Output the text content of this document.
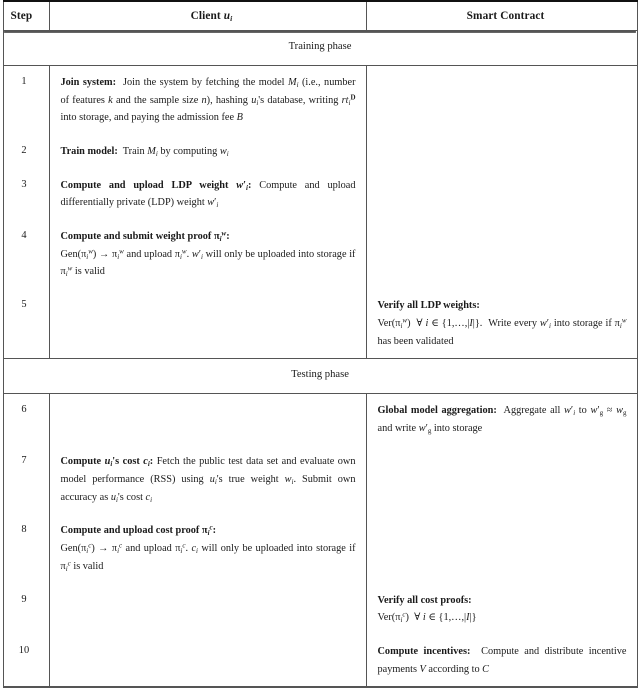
Step	Client $u_i$	Smart Contract
Training phase		
1	Join system:  Join the system by fetching the model $M_i$ (i.e., number of features k and the sample size n), hashing $u_i's$ database, writing $rt_i^D$ into storage, and paying the admission fee B	
2	Train model:  Train $M_i$ by computing $w_i$	
3	Compute and upload LDP weight $w'_i$: Compute and upload differentially private (LDP) weight $w'_i$	
4	Compute and submit weight proof $\pi_i^w$:
$Gen(\pi_i^w) \to \pi_i^w$ and upload $\pi_i^w$. $w'_i$ will only be uploaded into storage if $\pi_i^w$ is valid	
5		Verify all LDP weights:
$Ver(\pi_i^w)$  ∀ i ∈ {1,…,|I|}.  Write every $w'_i$ into storage if $\pi_i^w$ has been validated
Testing phase		
6		Global model aggregation:  Aggregate all $w'_i$ to $w'_g \approx w_g$ and write $w'_g$ into storage
7	Compute $u_i's$ cost $c_i$: Fetch the public test data set and evaluate own model performance (RSS) using $u_i's$ true weight $w_i$. Submit own accuracy as $u_i's$ cost $c_i$	
8	Compute and upload cost proof $\pi_i^c$:
$Gen(\pi_i^c) \to \pi_i^c$ and upload $\pi_i^c$. $c_i$ will only be uploaded into storage if $\pi_i^c$ is valid	
9		Verify all cost proofs:
$Ver(\pi_i^c)$  ∀ i ∈ {1,…,|I|}
10		Compute incentives:  Compute and distribute incentive payments V according to C
